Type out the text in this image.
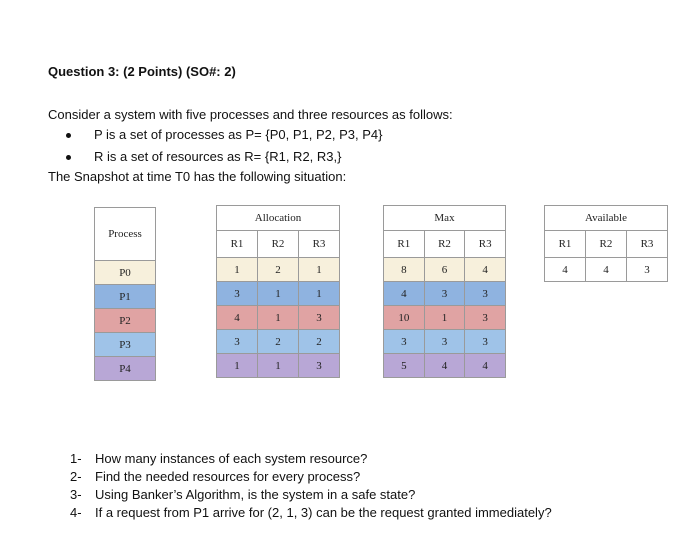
Question 3: (2 Points) (SO#: 2)
Consider a system with five processes and three resources as follows:
P is a set of processes as P= {P0, P1, P2, P3, P4}
R is a set of resources as R= {R1, R2, R3,}
The Snapshot at time T0 has the following situation:
Process
P0
P1
P2
P3
P4
Allocation		
R1	R2	R3
1	2	1
3	1	1
4	1	3
3	2	2
1	1	3
Max		
R1	R2	R3
8	6	4
4	3	3
10	1	3
3	3	3
5	4	4
Available		
R1	R2	R3
4	4	3
1- How many instances of each system resource?
2- Find the needed resources for every process?
3- Using Banker’s Algorithm, is the system in a safe state?
4- If a request from P1 arrive for (2, 1, 3) can be the request granted immediately?
